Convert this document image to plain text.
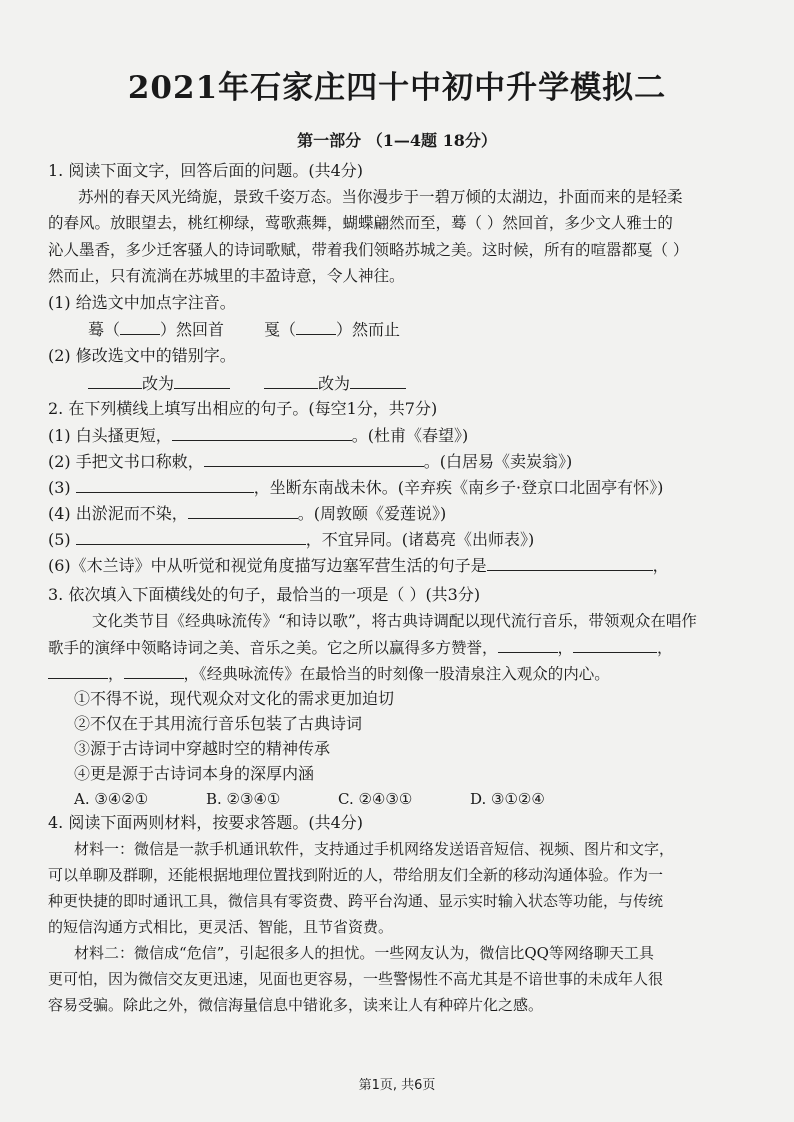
2021年石家庄四十中初中升学模拟二
第一部分 （1—4题 18分）
1. 阅读下面文字，回答后面的问题。(共4分)
苏州的春天风光绮旎，景致千姿万态。当你漫步于一碧万倾的太湖边，扑面而来的是轻柔
的春风。放眼望去，桃红柳绿，莺歌燕舞，蝴蝶翩然而至，蓦（ ）然回首，多少文人雅士的
沁人墨香，多少迁客骚人的诗词歌赋，带着我们领略苏城之美。这时候，所有的喧嚣都戛（ ）
然而止，只有流淌在苏城里的丰盈诗意，令人神往。
(1) 给选文中加点字注音。
蓦（	）然回首 戛（	）然而止
(2) 修改选文中的错别字。
改为	改为
2. 在下列横线上填写出相应的句子。(每空1分，共7分)
(1) 白头搔更短，	。(杜甫《春望》)
(2) 手把文书口称敕，	。(白居易《卖炭翁》)
(3)	，坐断东南战未休。(辛弃疾《南乡子·登京口北固亭有怀》)
(4) 出淤泥而不染，	。(周敦颐《爱莲说》)
(5)	，不宜异同。(诸葛亮《出师表》)
(6)《木兰诗》中从听觉和视觉角度描写边塞军营生活的句子是	，
3. 依次填入下面横线处的句子，最恰当的一项是（ ）(共3分)
文化类节目《经典咏流传》“和诗以歌”，将古典诗调配以现代流行音乐，带领观众在唱作
歌手的演绎中领略诗词之美、音乐之美。它之所以赢得多方赞誉，	，	，
，	，《经典咏流传》在最恰当的时刻像一股清泉注入观众的内心。
①不得不说，现代观众对文化的需求更加迫切
②不仅在于其用流行音乐包装了古典诗词
③源于古诗词中穿越时空的精神传承
④更是源于古诗词本身的深厚内涵
A. ③④②①	B. ②③④①	C. ②④③①	D. ③①②④
4. 阅读下面两则材料，按要求答题。(共4分)
材料一：微信是一款手机通讯软件，支持通过手机网络发送语音短信、视频、图片和文字，
可以单聊及群聊，还能根据地理位置找到附近的人，带给朋友们全新的移动沟通体验。作为一
种更快捷的即时通讯工具，微信具有零资费、跨平台沟通、显示实时输入状态等功能，与传统
的短信沟通方式相比，更灵活、智能，且节省资费。
材料二：微信成“危信”，引起很多人的担忧。一些网友认为，微信比QQ等网络聊天工具
更可怕，因为微信交友更迅速，见面也更容易，一些警惕性不高尤其是不谙世事的未成年人很
容易受骗。除此之外，微信海量信息中错讹多，读来让人有种碎片化之感。
第1页, 共6页
